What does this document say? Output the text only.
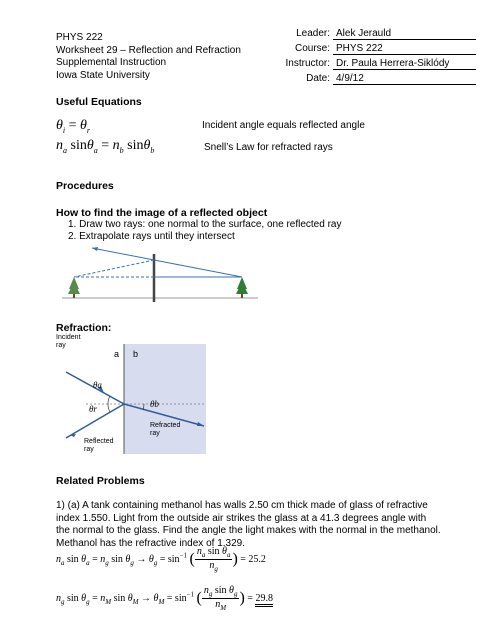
PHYS 222
Worksheet 29 – Reflection and Refraction
Supplemental Instruction
Iowa State University
Leader: Alek Jerauld
Course: PHYS 222
Instructor: Dr. Paula Herrera-Siklódy
Date: 4/9/12
Useful Equations
$\theta_i = \theta_r$
$n_a$ $\sin\theta_a = n_b$ sinθ$_b$
Incident angle equals reflected angle
Snell’s Law for refracted rays
Procedures
How to find the image of a reflected object
1. Draw two rays: one normal to the surface, one reflected ray
2. Extrapolate rays until they intersect
Refraction:
Incident
ray
a b
θa
θr	θb
Reflected
ray
Refracted
ray
Related Problems
1) (a) A tank containing methanol has walls 2.50 cm thick made of glass of refractive index 1.550. Light from the outside air strikes the glass at a 41.3 degrees angle with the normal to the glass. Find the angle the light makes with the normal in the methanol. Methanol has the refractive index of 1.329.
$n_a$ $\sin \theta_a = n_g$ $\sin \theta_g \to \theta_g = \sin^{-1}$ ( $\frac{n_a \sin \theta_a}{n_g}$ ) = 25.2
$n_g$ $\sin \theta_g = n_M$ $\sin \theta_M \to \theta_M = \sin^{-1}$ ( $\frac{n_g \sin \theta_g}{n_M}$ ) = 29.8
